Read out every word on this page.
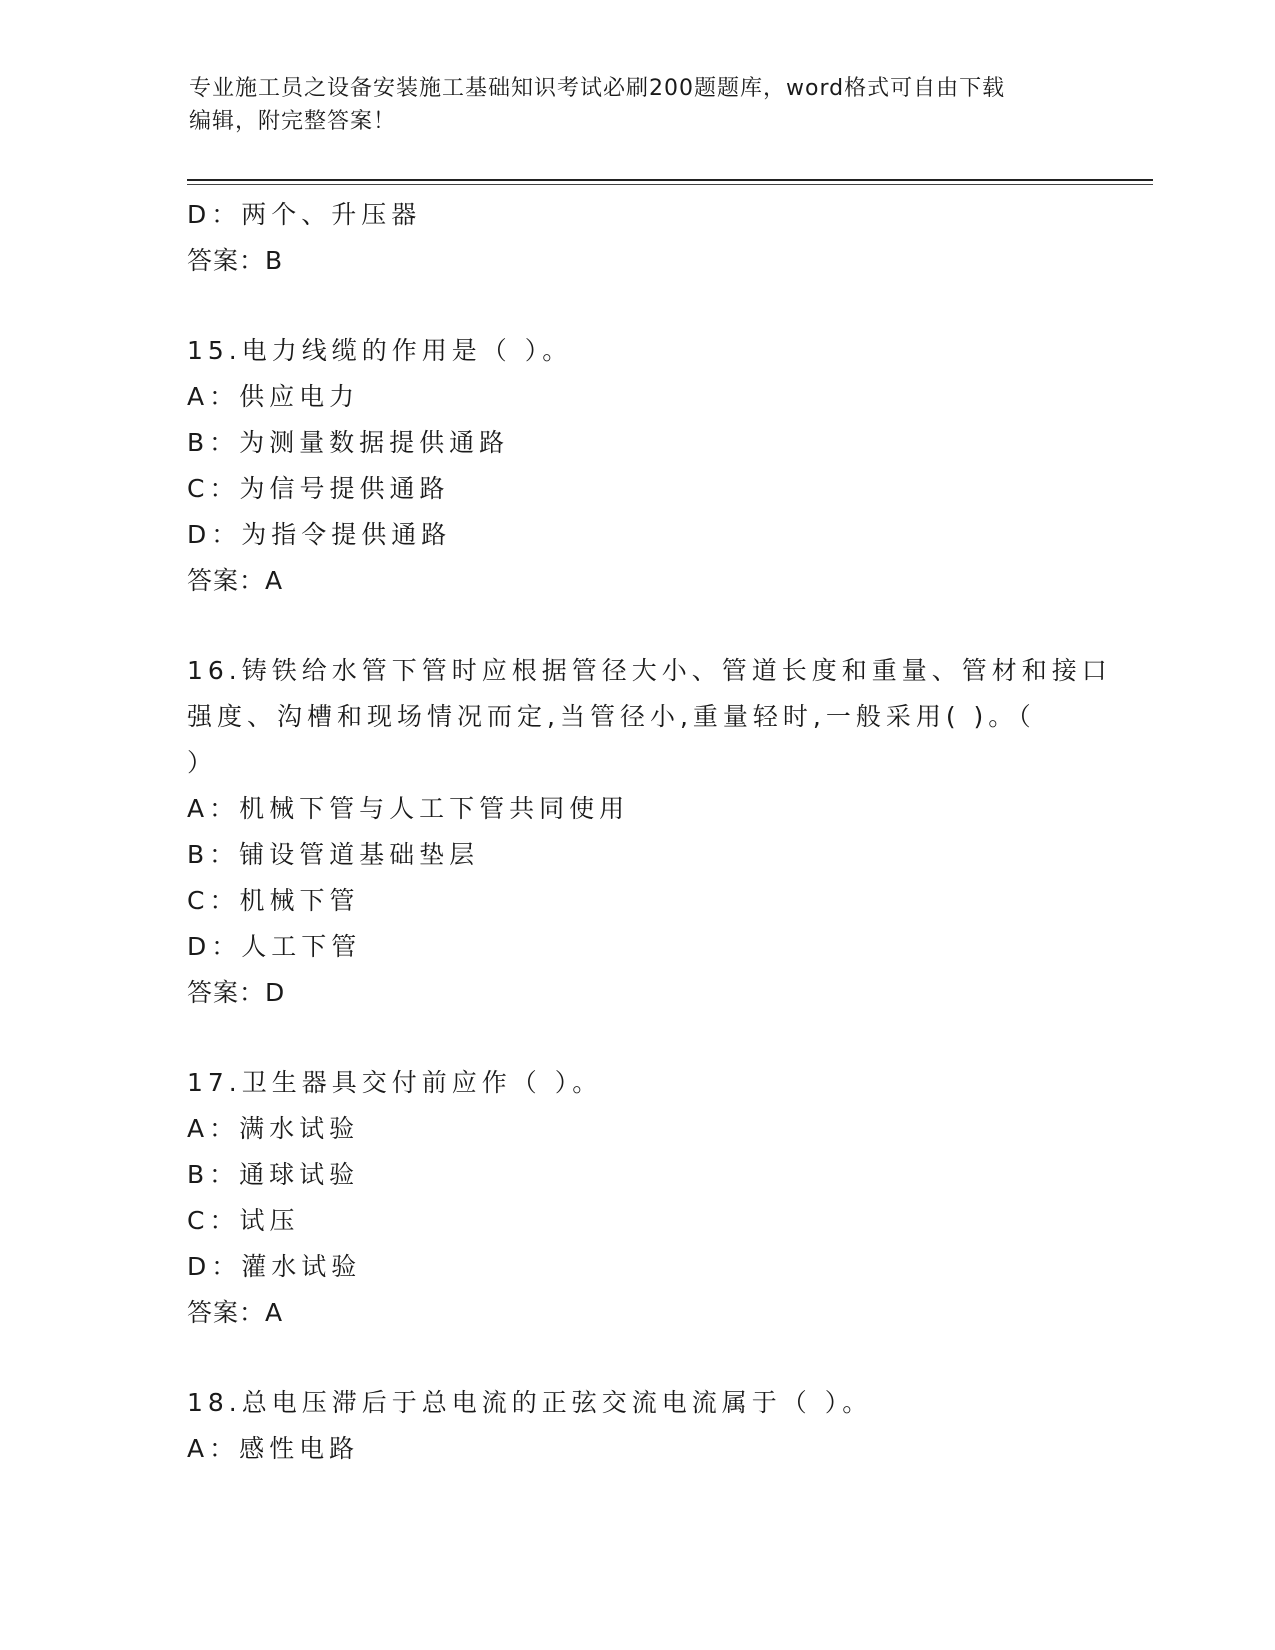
专业施工员之设备安装施工基础知识考试必刷200题题库，word格式可自由下载
编辑，附完整答案！
D：两个、升压器
答案：B
15.电力线缆的作用是（ ）。
A：供应电力
B：为测量数据提供通路
C：为信号提供通路
D：为指令提供通路
答案：A
16.铸铁给水管下管时应根据管径大小、管道长度和重量、管材和接口
强度、沟槽和现场情况而定,当管径小,重量轻时,一般采用( )。（
）
A：机械下管与人工下管共同使用
B：铺设管道基础垫层
C：机械下管
D：人工下管
答案：D
17.卫生器具交付前应作（ ）。
A：满水试验
B：通球试验
C：试压
D：灌水试验
答案：A
18.总电压滞后于总电流的正弦交流电流属于（ ）。
A：感性电路
